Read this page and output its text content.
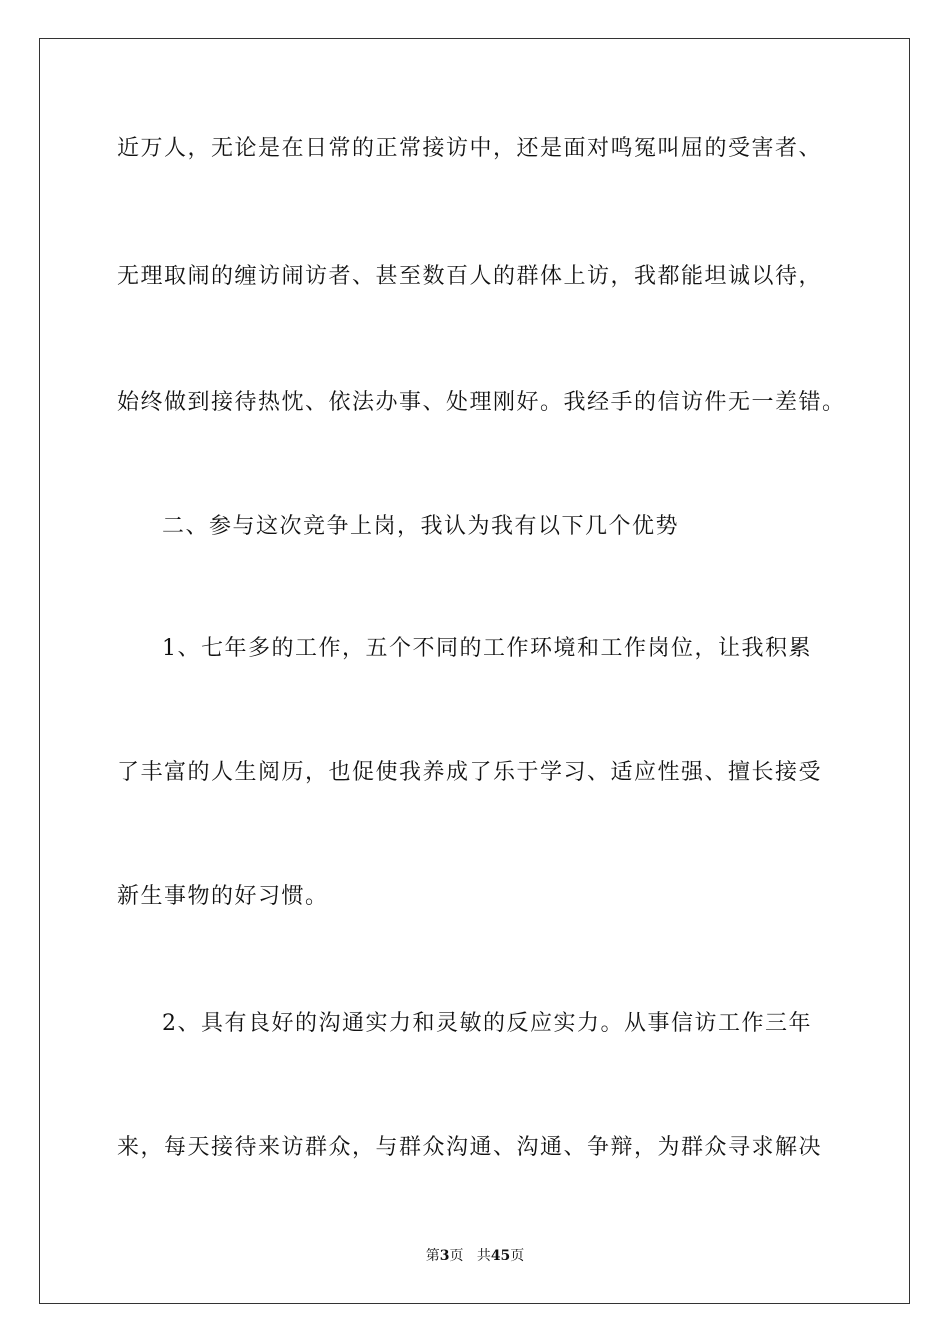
近万人，无论是在日常的正常接访中，还是面对鸣冤叫屈的受害者、
无理取闹的缠访闹访者、甚至数百人的群体上访，我都能坦诚以待，
始终做到接待热忱、依法办事、处理刚好。我经手的信访件无一差错。
二、参与这次竞争上岗，我认为我有以下几个优势
1、七年多的工作，五个不同的工作环境和工作岗位，让我积累
了丰富的人生阅历，也促使我养成了乐于学习、适应性强、擅长接受
新生事物的好习惯。
2、具有良好的沟通实力和灵敏的反应实力。从事信访工作三年
来，每天接待来访群众，与群众沟通、沟通、争辩，为群众寻求解决
第3页 共45页
